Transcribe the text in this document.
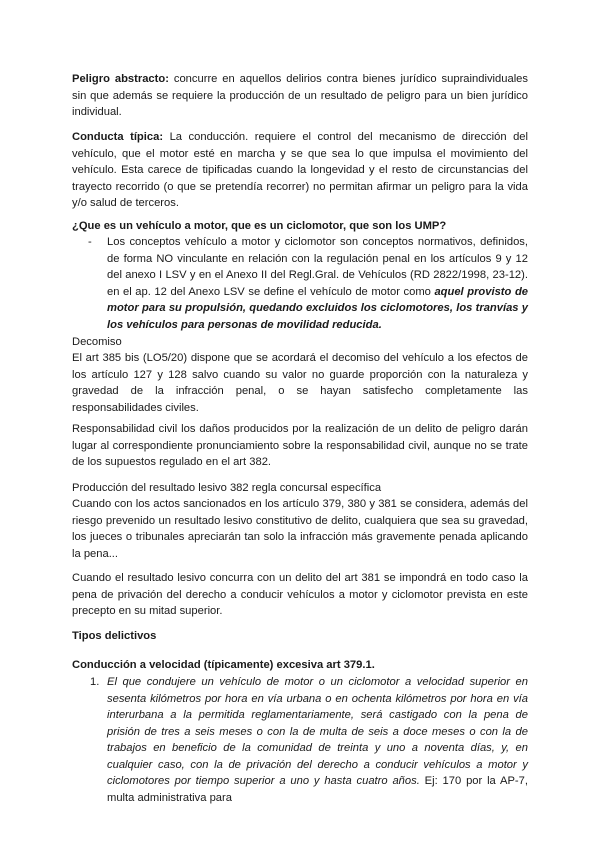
Peligro abstracto: concurre en aquellos delirios contra bienes jurídico supraindividuales sin que además se requiere la producción de un resultado de peligro para un bien jurídico individual.

Conducta típica: La conducción. requiere el control del mecanismo de dirección del vehículo, que el motor esté en marcha y se que sea lo que impulsa el movimiento del vehículo. Esta carece de tipificadas cuando la longevidad y el resto de circunstancias del trayecto recorrido (o que se pretendía recorrer) no permitan afirmar un peligro para la vida y/o salud de terceros.

¿Que es un vehículo a motor, que es un ciclomotor, que son los UMP?

- Los conceptos vehículo a motor y ciclomotor son conceptos normativos, definidos, de forma NO vinculante en relación con la regulación penal en los artículos 9 y 12 del anexo I LSV y en el Anexo II del Regl.Gral. de Vehículos (RD 2822/1998, 23-12). en el ap. 12 del Anexo LSV se define el vehículo de motor como aquel provisto de motor para su propulsión, quedando excluidos los ciclomotores, los tranvías y los vehículos para personas de movilidad reducida.

Decomiso

El art 385 bis (LO5/20) dispone que se acordará el decomiso del vehículo a los efectos de los artículo 127 y 128 salvo cuando su valor no guarde proporción con la naturaleza y gravedad de la infracción penal, o se hayan satisfecho completamente las responsabilidades civiles.

Responsabilidad civil los daños producidos por la realización de un delito de peligro darán lugar al correspondiente pronunciamiento sobre la responsabilidad civil, aunque no se trate de los supuestos regulado en el art 382.

Producción del resultado lesivo 382 regla concursal específica

Cuando con los actos sancionados en los artículo 379, 380 y 381 se considera, además del riesgo prevenido un resultado lesivo constitutivo de delito, cualquiera que sea su gravedad, los jueces o tribunales apreciarán tan solo la infracción más gravemente penada aplicando la pena...

Cuando el resultado lesivo concurra con un delito del art 381 se impondrá en todo caso la pena de privación del derecho a conducir vehículos a motor y ciclomotor prevista en este precepto en su mitad superior.

Tipos delictivos

Conducción a velocidad (típicamente) excesiva art 379.1.

1. El que condujere un vehículo de motor o un ciclomotor a velocidad superior en sesenta kilómetros por hora en vía urbana o en ochenta kilómetros por hora en vía interurbana a la permitida reglamentariamente, será castigado con la pena de prisión de tres a seis meses o con la de multa de seis a doce meses o con la de trabajos en beneficio de la comunidad de treinta y uno a noventa días, y, en cualquier caso, con la de privación del derecho a conducir vehículos a motor y ciclomotores por tiempo superior a uno y hasta cuatro años. Ej: 170 por la AP-7, multa administrativa para
